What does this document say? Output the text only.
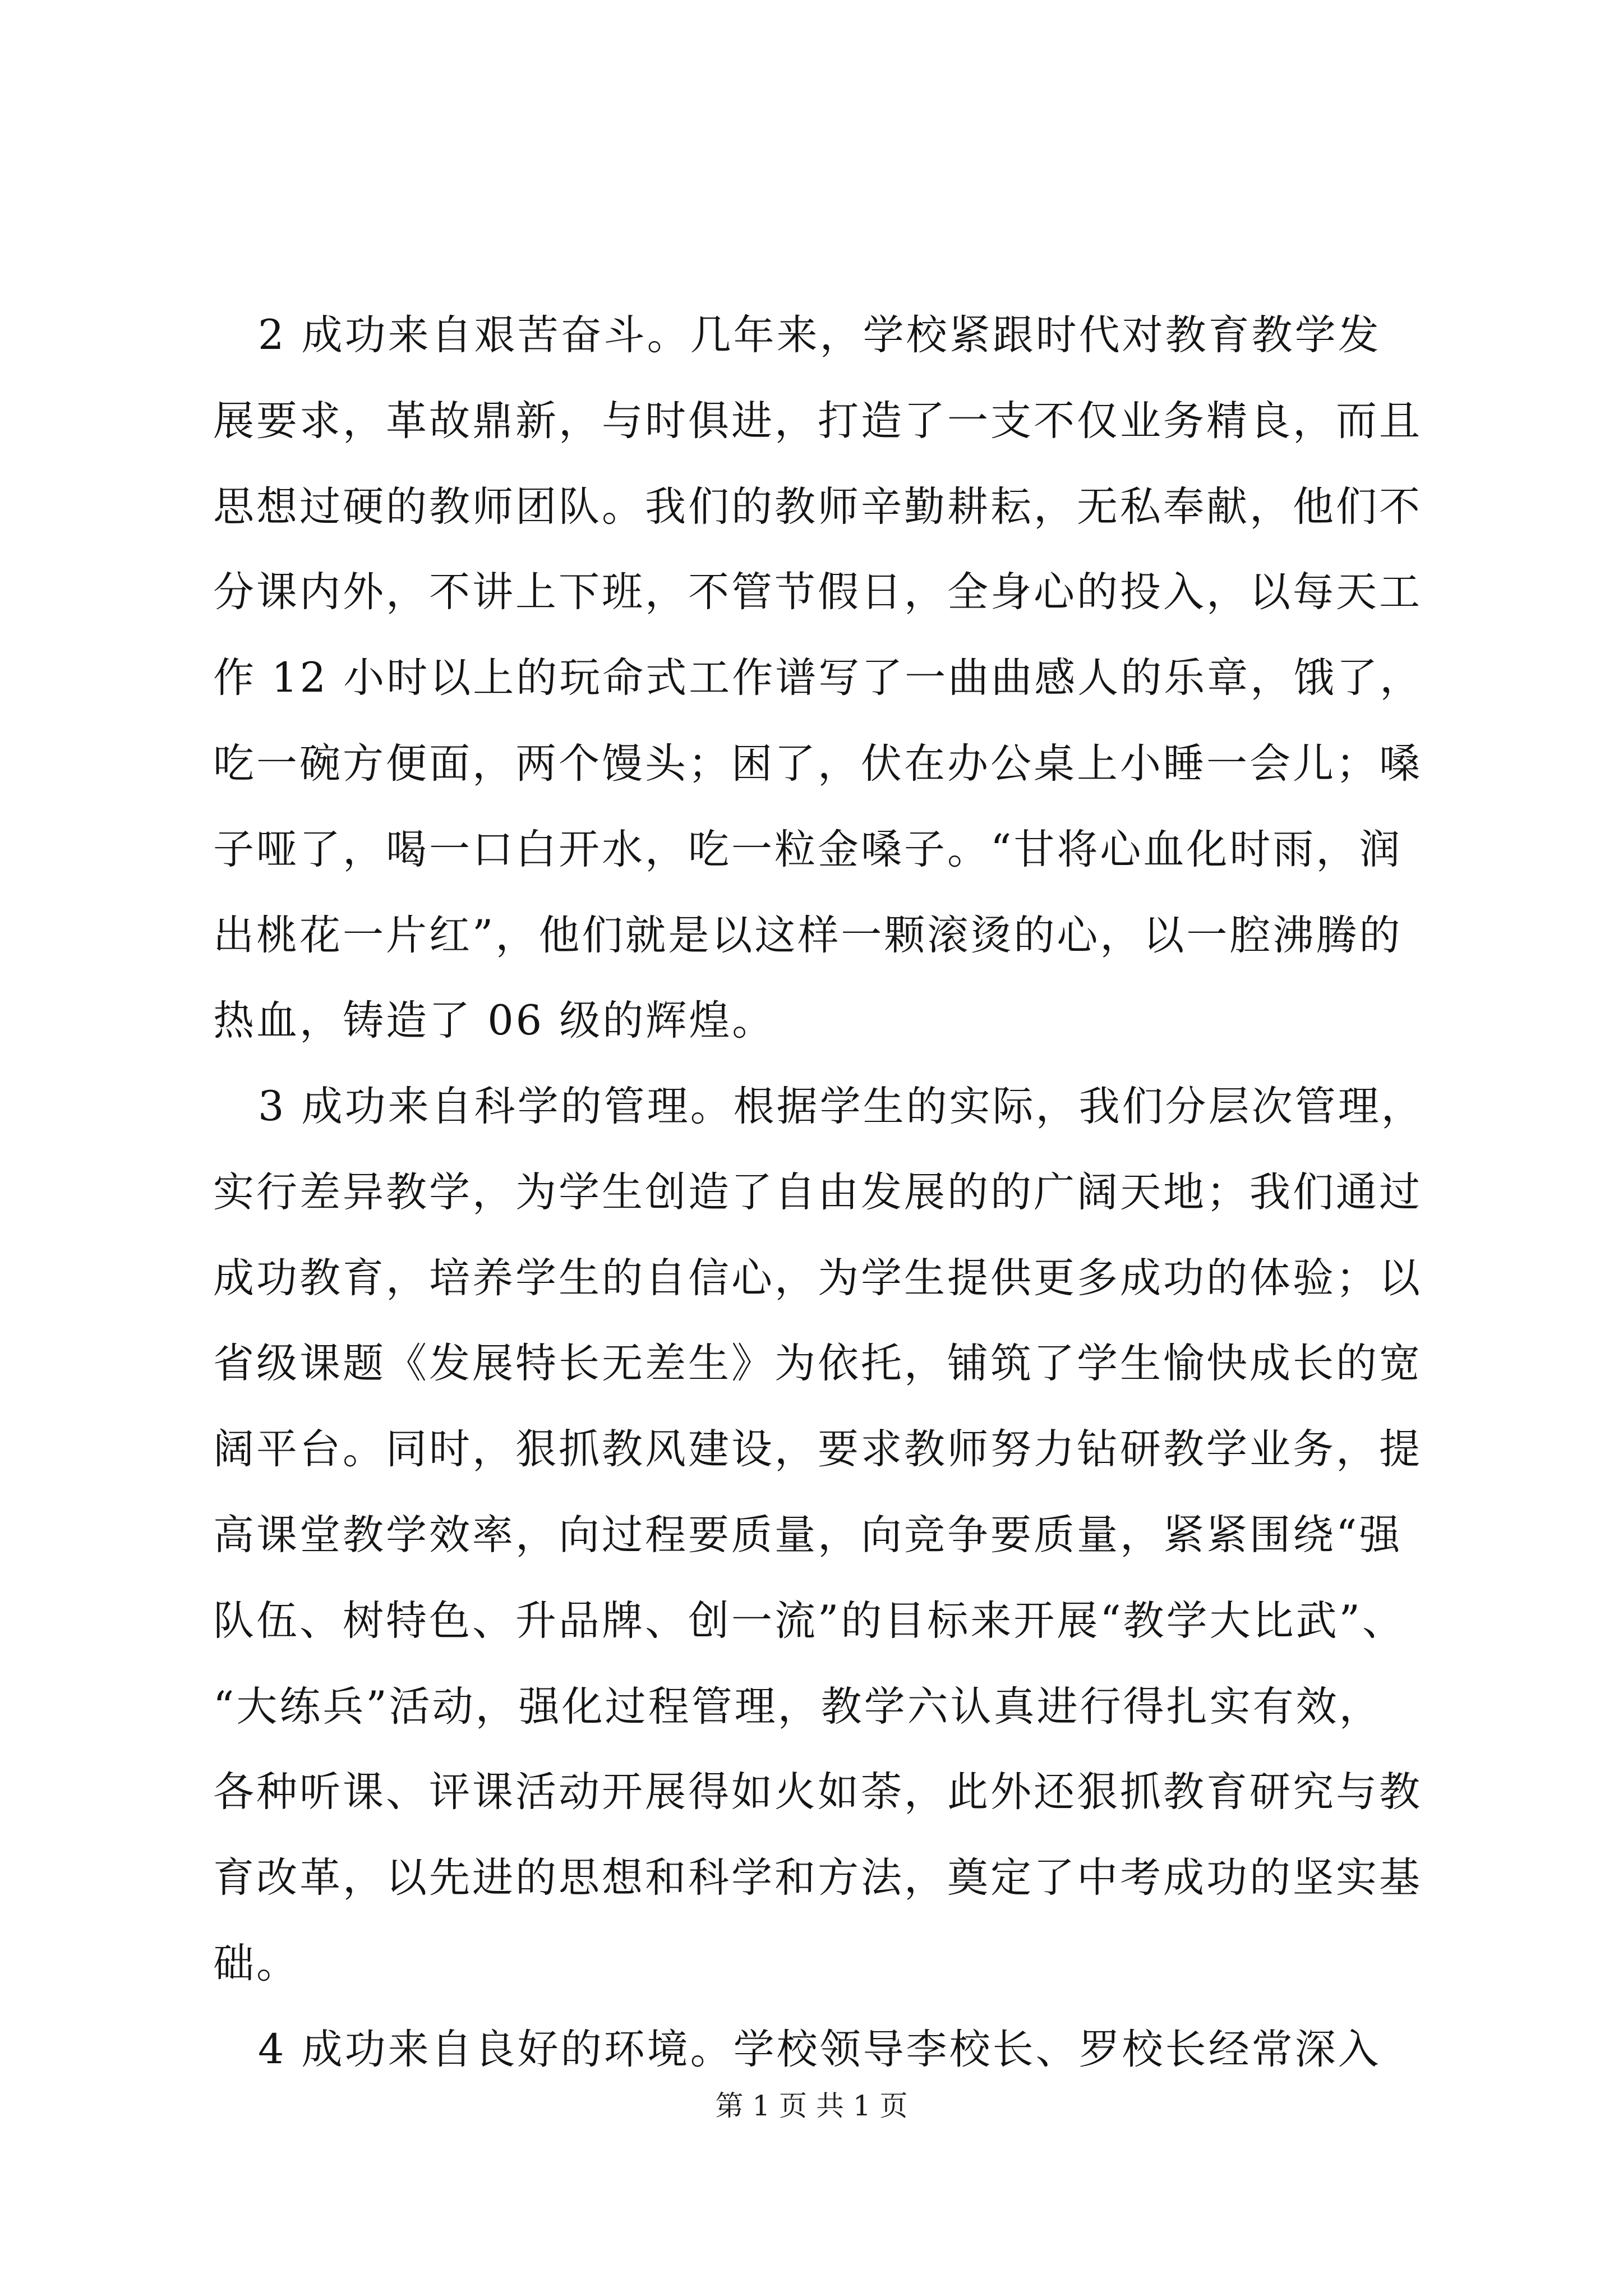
2 成功来自艰苦奋斗。几年来，学校紧跟时代对教育教学发
展要求，革故鼎新，与时俱进，打造了一支不仅业务精良，而且
思想过硬的教师团队。我们的教师辛勤耕耘，无私奉献，他们不
分课内外，不讲上下班，不管节假日，全身心的投入，以每天工
作 12 小时以上的玩命式工作谱写了一曲曲感人的乐章，饿了，
吃一碗方便面，两个馒头；困了，伏在办公桌上小睡一会儿；嗓
子哑了，喝一口白开水，吃一粒金嗓子。“甘将心血化时雨，润
出桃花一片红”，他们就是以这样一颗滚烫的心，以一腔沸腾的
热血，铸造了 06 级的辉煌。
3 成功来自科学的管理。根据学生的实际，我们分层次管理，
实行差异教学，为学生创造了自由发展的的广阔天地；我们通过
成功教育，培养学生的自信心，为学生提供更多成功的体验；以
省级课题《发展特长无差生》为依托，铺筑了学生愉快成长的宽
阔平台。同时，狠抓教风建设，要求教师努力钻研教学业务，提
高课堂教学效率，向过程要质量，向竞争要质量，紧紧围绕“强
队伍、树特色、升品牌、创一流”的目标来开展“教学大比武”、
“大练兵”活动，强化过程管理，教学六认真进行得扎实有效，
各种听课、评课活动开展得如火如荼，此外还狠抓教育研究与教
育改革，以先进的思想和科学和方法，奠定了中考成功的坚实基
础。
4 成功来自良好的环境。学校领导李校长、罗校长经常深入
第 1 页 共 1 页
